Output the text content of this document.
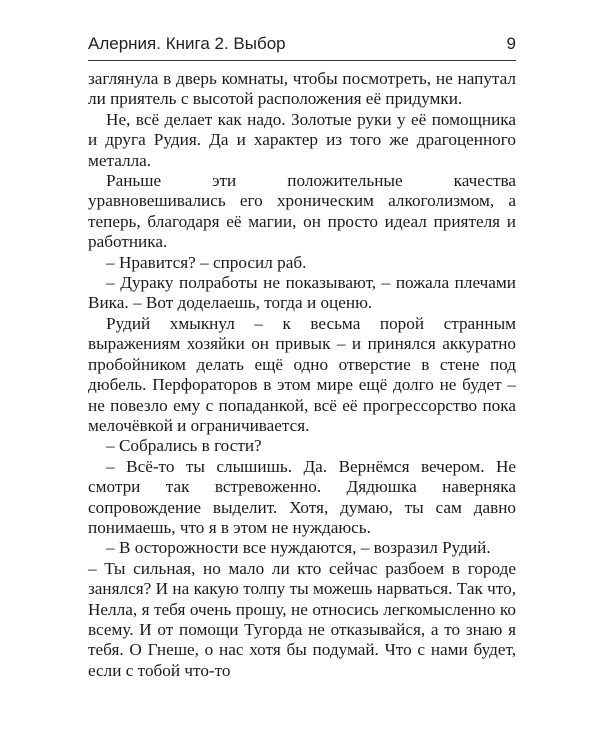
Алерния. Книга 2. Выбор	9

заглянула в дверь комнаты, чтобы посмотреть, не напутал ли приятель с высотой расположения её придумки.

Не, всё делает как надо. Золотые руки у её помощника и друга Рудия. Да и характер из того же драгоценного металла.

Раньше эти положительные качества уравновешивались его хроническим алкоголизмом, а теперь, благодаря её магии, он просто идеал приятеля и работника.

– Нравится? – спросил раб.

– Дураку полработы не показывают, – пожала плечами Вика. – Вот доделаешь, тогда и оценю.

Рудий хмыкнул – к весьма порой странным выражениям хозяйки он привык – и принялся аккуратно пробойником делать ещё одно отверстие в стене под дюбель. Перфораторов в этом мире ещё долго не будет – не повезло ему с попаданкой, всё её прогрессорство пока мелочёвкой и ограничивается.

– Собрались в гости?

– Всё-то ты слышишь. Да. Вернёмся вечером. Не смотри так встревоженно. Дядюшка наверняка сопровождение выделит. Хотя, думаю, ты сам давно понимаешь, что я в этом не нуждаюсь.

– В осторожности все нуждаются, – возразил Рудий.

– Ты сильная, но мало ли кто сейчас разбоем в городе занялся? И на какую толпу ты можешь нарваться. Так что, Нелла, я тебя очень прошу, не относись легкомысленно ко всему. И от помощи Тугорда не отказывайся, а то знаю я тебя. О Гнеше, о нас хотя бы подумай. Что с нами будет, если с тобой что-то
